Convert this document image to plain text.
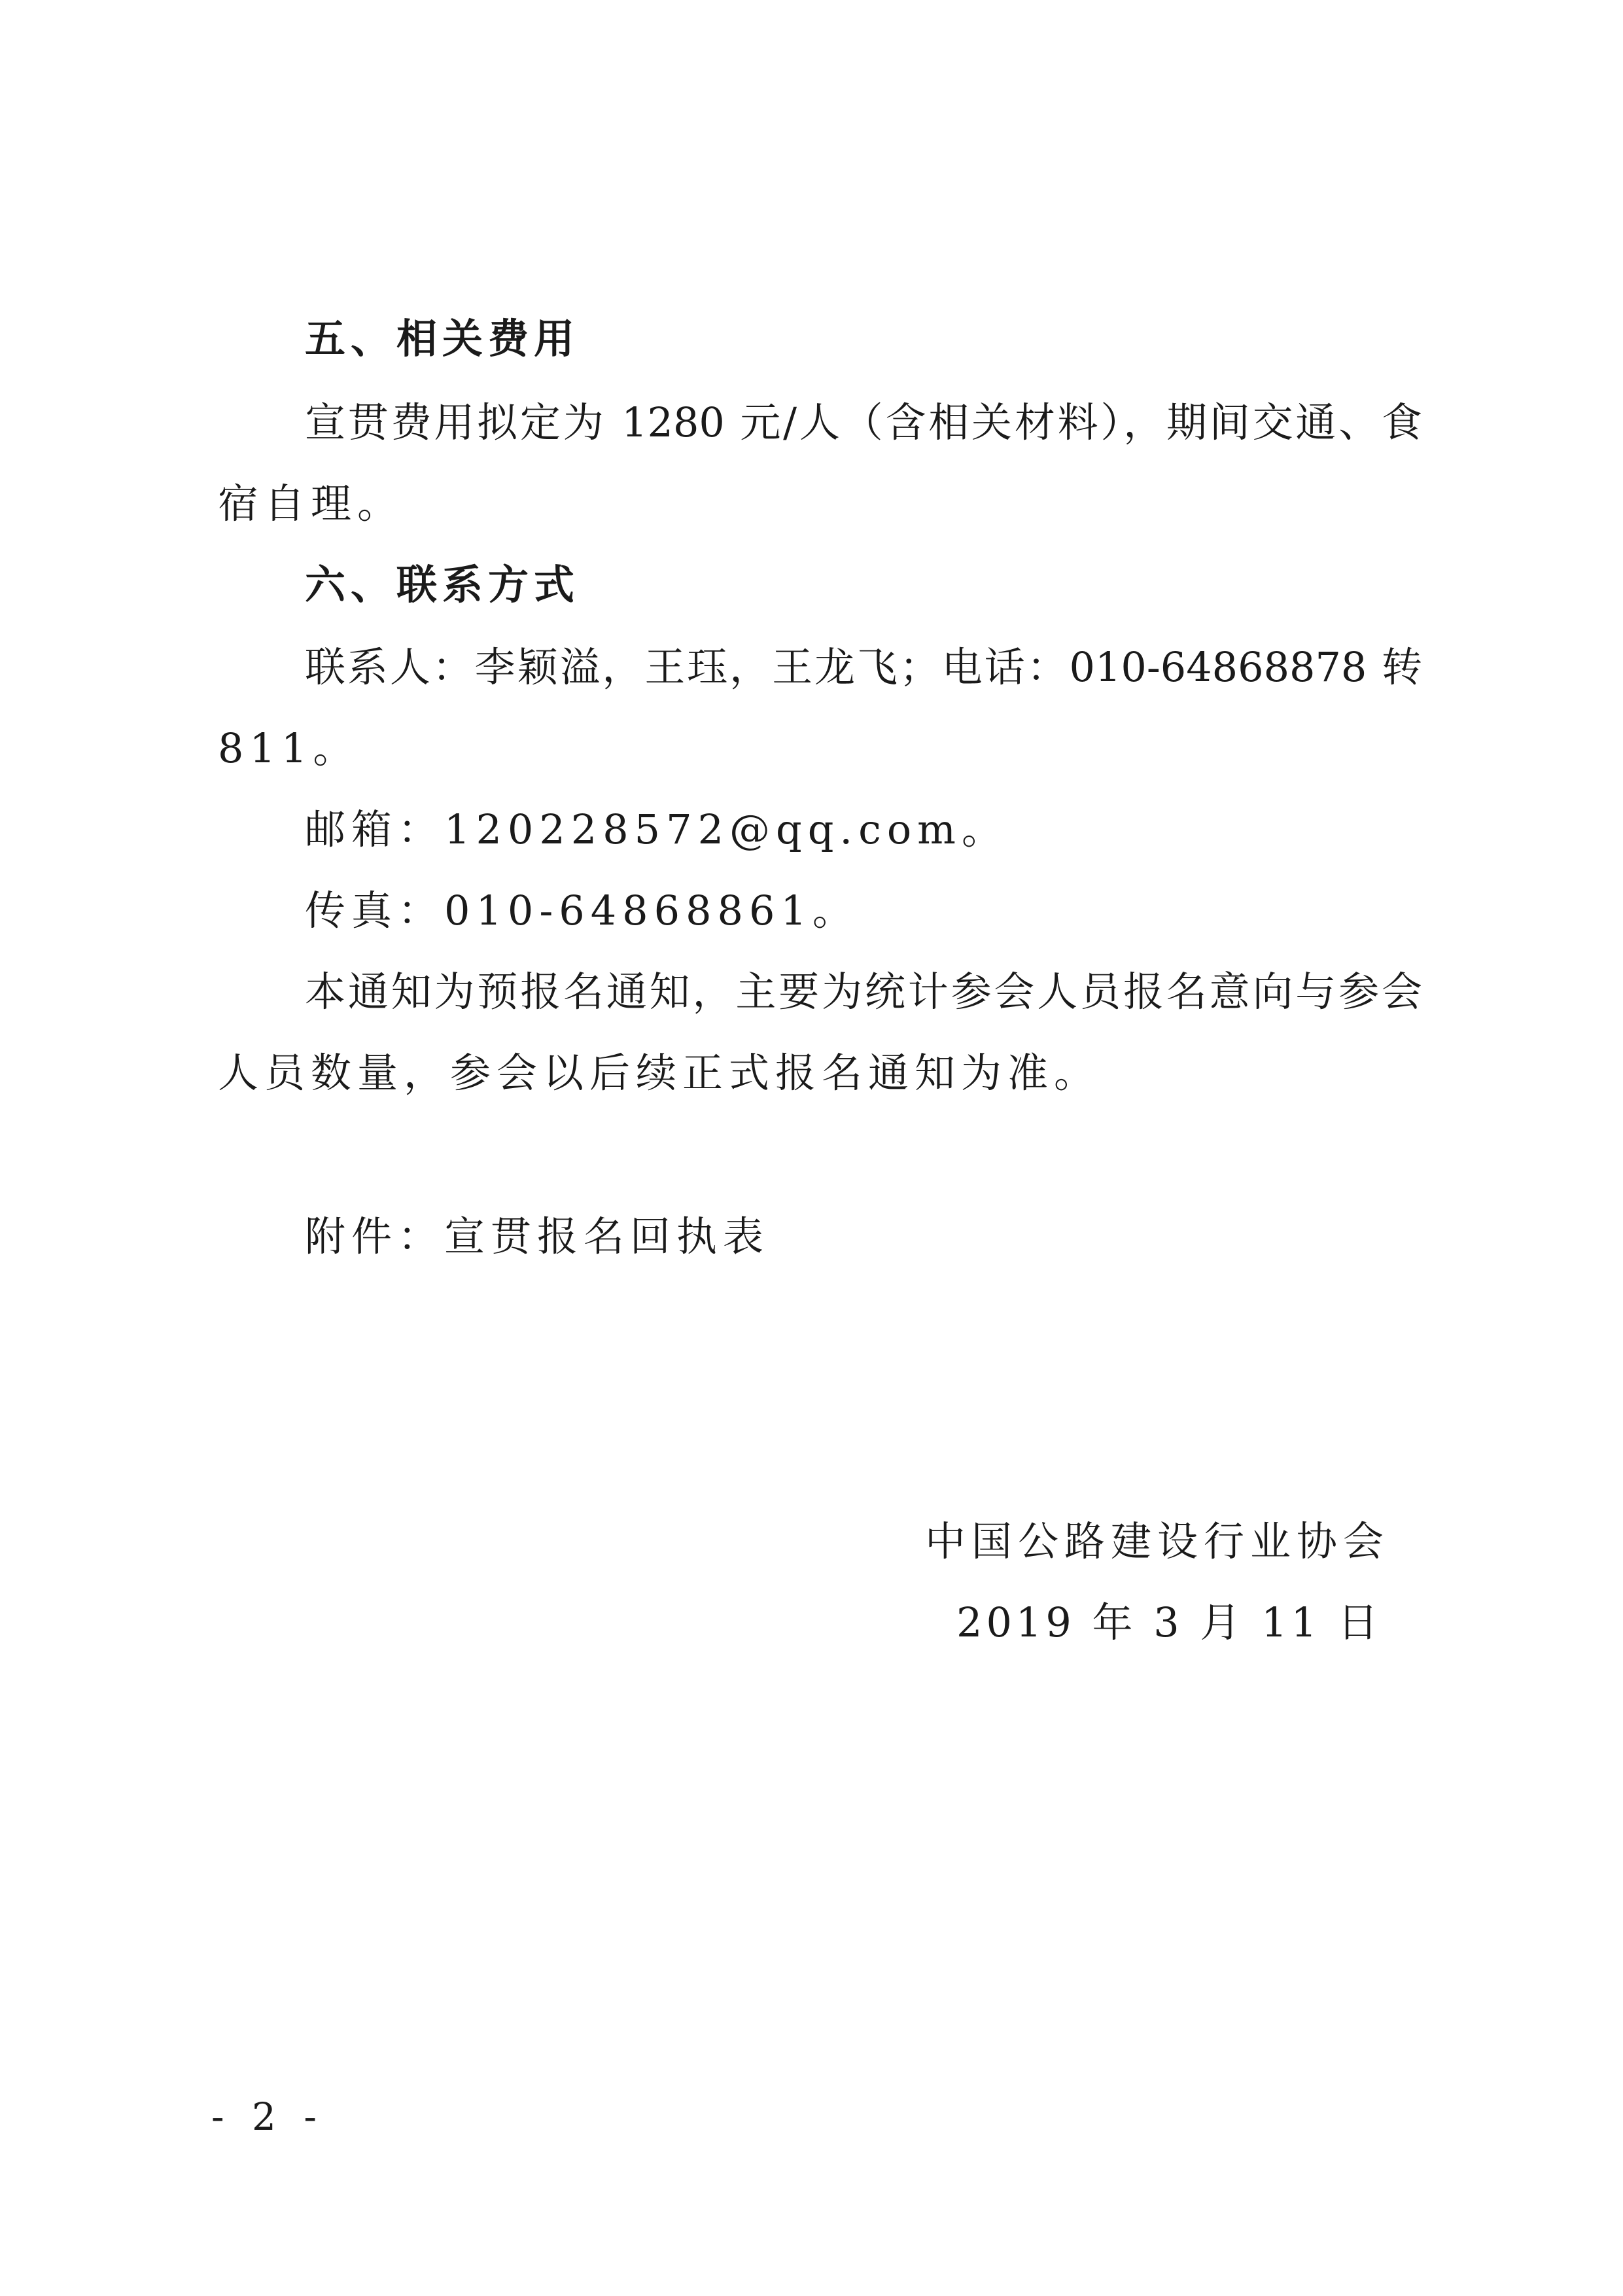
五、相关费用
宣贯费用拟定为 1280 元/人（含相关材料），期间交通、食
宿自理。
六、联系方式
联系人：李颖溢，王珏，王龙飞；电话：010-64868878 转
811。
邮箱：120228572@qq.com。
传真：010-64868861。
本通知为预报名通知，主要为统计参会人员报名意向与参会
人员数量，参会以后续正式报名通知为准。
附件：宣贯报名回执表
中国公路建设行业协会
2019 年 3 月 11 日
- 2 -
